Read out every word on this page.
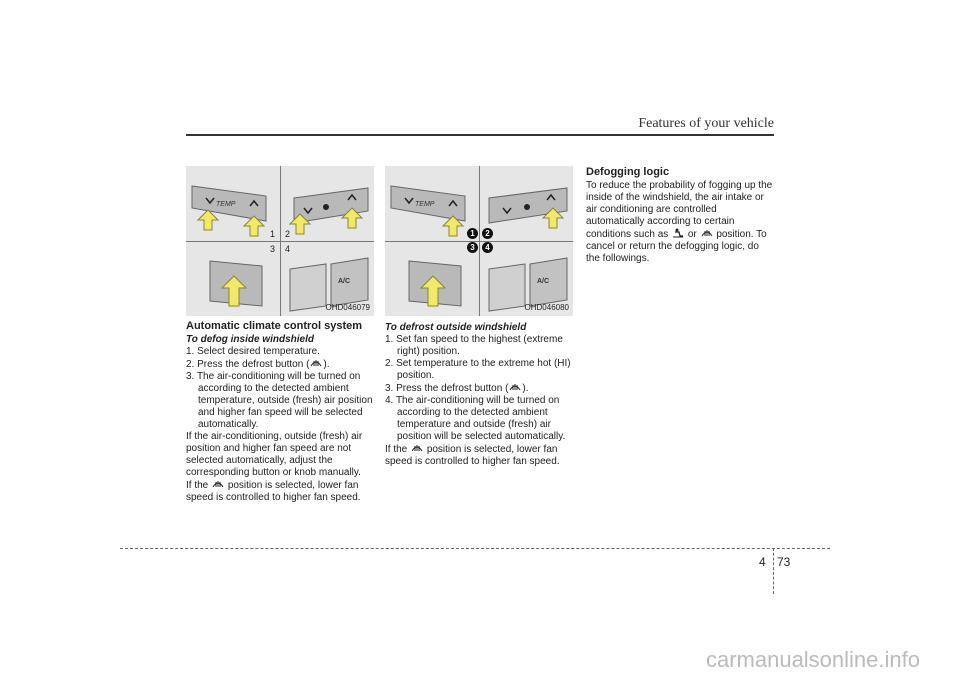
Features of your vehicle
TEMP
A/C
1 2
3 4
OHD046079
Automatic climate control system
To defog inside windshield

1. Select desired temperature.

2. Press the defrost button ( ).

3. The air-conditioning will be turned on according to the detected ambient temperature, outside (fresh) air position and higher fan speed will be selected automatically.

If the air-conditioning, outside (fresh) air position and higher fan speed are not selected automatically, adjust the corresponding button or knob manually.

If the position is selected, lower fan speed is controlled to higher fan speed.

TEMP
A/C
1	2
3	4
OHD046080
To defrost outside windshield

1. Set fan speed to the highest (extreme right) position.

2. Set temperature to the extreme hot (HI) position.

3. Press the defrost button ( ).

4. The air-conditioning will be turned on according to the detected ambient temperature and outside (fresh) air position will be selected automatically.

If the position is selected, lower fan speed is controlled to higher fan speed.

Defogging logic

To reduce the probability of fogging up the inside of the windshield, the air intake or air conditioning are controlled automatically according to certain conditions such as or position. To cancel or return the defogging logic, do the followings.

4 73
carmanualsonline.info
